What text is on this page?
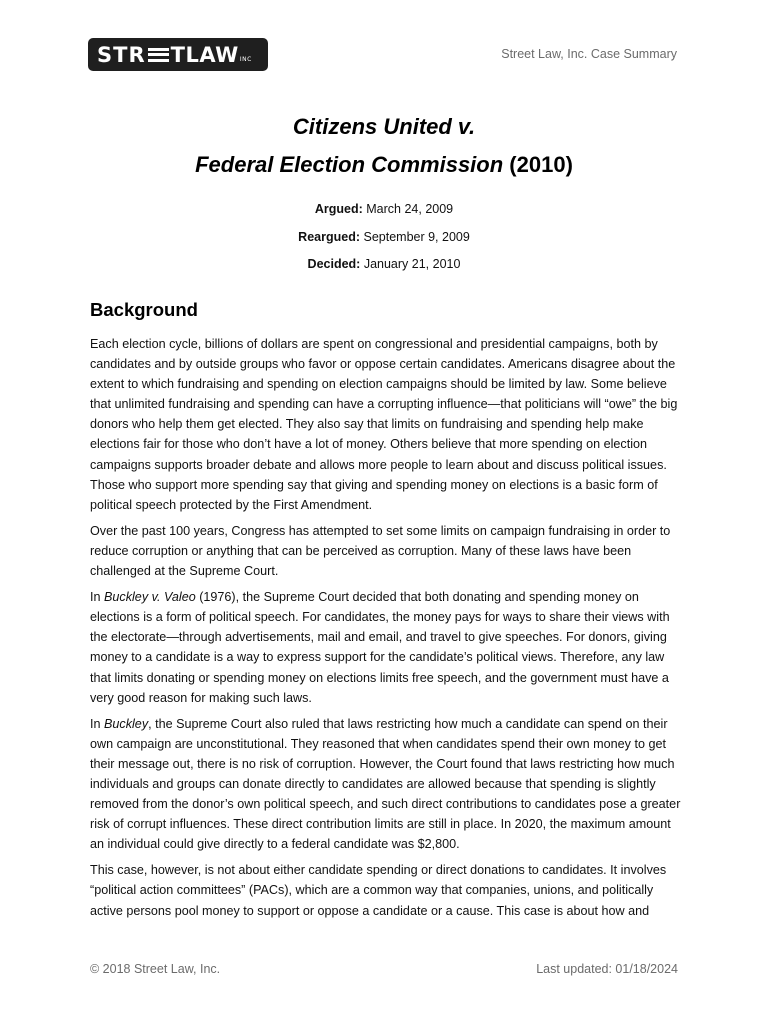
STR TLAW INC	Street Law, Inc. Case Summary
Citizens United v.
Federal Election Commission (2010)
Argued: March 24, 2009
Reargued: September 9, 2009
Decided: January 21, 2010
Background

Each election cycle, billions of dollars are spent on congressional and presidential campaigns, both by candidates and by outside groups who favor or oppose certain candidates. Americans disagree about the extent to which fundraising and spending on election campaigns should be limited by law. Some believe that unlimited fundraising and spending can have a corrupting influence—that politicians will “owe” the big donors who help them get elected. They also say that limits on fundraising and spending help make elections fair for those who don’t have a lot of money. Others believe that more spending on election campaigns supports broader debate and allows more people to learn about and discuss political issues. Those who support more spending say that giving and spending money on elections is a basic form of political speech protected by the First Amendment.

Over the past 100 years, Congress has attempted to set some limits on campaign fundraising in order to reduce corruption or anything that can be perceived as corruption. Many of these laws have been challenged at the Supreme Court.

In Buckley v. Valeo (1976), the Supreme Court decided that both donating and spending money on elections is a form of political speech. For candidates, the money pays for ways to share their views with the electorate—through advertisements, mail and email, and travel to give speeches. For donors, giving money to a candidate is a way to express support for the candidate’s political views. Therefore, any law that limits donating or spending money on elections limits free speech, and the government must have a very good reason for making such laws.

In Buckley, the Supreme Court also ruled that laws restricting how much a candidate can spend on their own campaign are unconstitutional. They reasoned that when candidates spend their own money to get their message out, there is no risk of corruption. However, the Court found that laws restricting how much individuals and groups can donate directly to candidates are allowed because that spending is slightly removed from the donor’s own political speech, and such direct contributions to candidates pose a greater risk of corrupt influences. These direct contribution limits are still in place. In 2020, the maximum amount an individual could give directly to a federal candidate was $2,800.

This case, however, is not about either candidate spending or direct donations to candidates. It involves “political action committees” (PACs), which are a common way that companies, unions, and politically active persons pool money to support or oppose a candidate or a cause. This case is about how and

© 2018 Street Law, Inc.	Last updated: 01/18/2024
